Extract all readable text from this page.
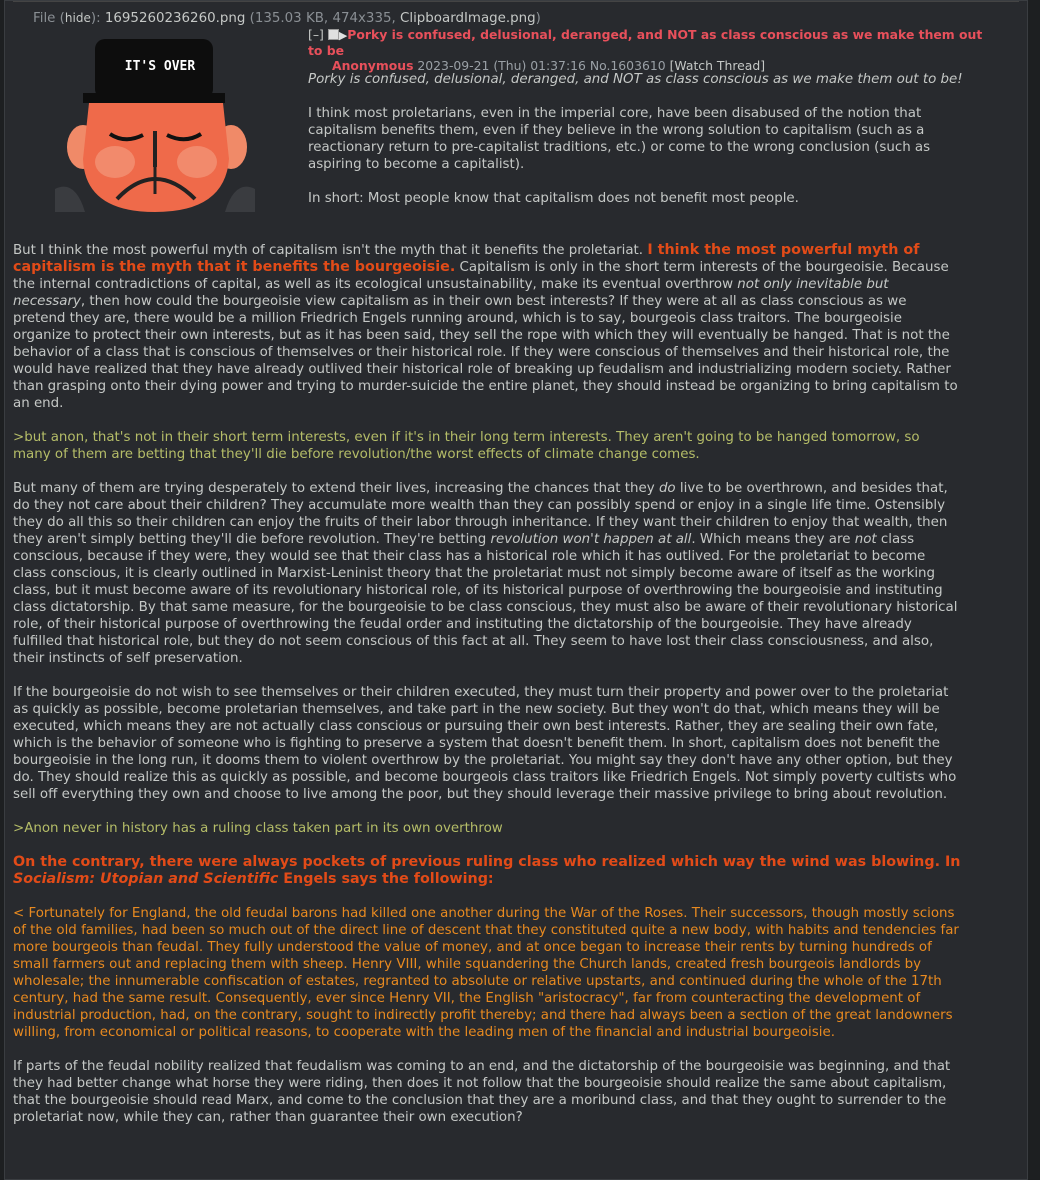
File (hide): 1695260236260.png (135.03 KB, 474x335, ClipboardImage.png)
IT'S OVER
[–] ▶Porky is confused, delusional, deranged, and NOT as class conscious as we make them out to be
Anonymous 2023-09-21 (Thu) 01:37:16 No.1603610 [Watch Thread]

Porky is confused, delusional, deranged, and NOT as class conscious as we make them out to be!

I think most proletarians, even in the imperial core, have been disabused of the notion that capitalism benefits them, even if they believe in the wrong solution to capitalism (such as a reactionary return to pre-capitalist traditions, etc.) or come to the wrong conclusion (such as aspiring to become a capitalist).

In short: Most people know that capitalism does not benefit most people.

But I think the most powerful myth of capitalism isn't the myth that it benefits the proletariat. I think the most powerful myth of capitalism is the myth that it benefits the bourgeoisie. Capitalism is only in the short term interests of the bourgeoisie. Because the internal contradictions of capital, as well as its ecological unsustainability, make its eventual overthrow not only inevitable but necessary, then how could the bourgeoisie view capitalism as in their own best interests? If they were at all as class conscious as we pretend they are, there would be a million Friedrich Engels running around, which is to say, bourgeois class traitors. The bourgeoisie organize to protect their own interests, but as it has been said, they sell the rope with which they will eventually be hanged. That is not the behavior of a class that is conscious of themselves or their historical role. If they were conscious of themselves and their historical role, the would have realized that they have already outlived their historical role of breaking up feudalism and industrializing modern society. Rather than grasping onto their dying power and trying to murder-suicide the entire planet, they should instead be organizing to bring capitalism to an end.

>but anon, that's not in their short term interests, even if it's in their long term interests. They aren't going to be hanged tomorrow, so many of them are betting that they'll die before revolution/the worst effects of climate change comes.

But many of them are trying desperately to extend their lives, increasing the chances that they do live to be overthrown, and besides that, do they not care about their children? They accumulate more wealth than they can possibly spend or enjoy in a single life time. Ostensibly they do all this so their children can enjoy the fruits of their labor through inheritance. If they want their children to enjoy that wealth, then they aren't simply betting they'll die before revolution. They're betting revolution won't happen at all. Which means they are not class conscious, because if they were, they would see that their class has a historical role which it has outlived. For the proletariat to become class conscious, it is clearly outlined in Marxist-Leninist theory that the proletariat must not simply become aware of itself as the working class, but it must become aware of its revolutionary historical role, of its historical purpose of overthrowing the bourgeoisie and instituting class dictatorship. By that same measure, for the bourgeoisie to be class conscious, they must also be aware of their revolutionary historical role, of their historical purpose of overthrowing the feudal order and instituting the dictatorship of the bourgeoisie. They have already fulfilled that historical role, but they do not seem conscious of this fact at all. They seem to have lost their class consciousness, and also, their instincts of self preservation.

If the bourgeoisie do not wish to see themselves or their children executed, they must turn their property and power over to the proletariat as quickly as possible, become proletarian themselves, and take part in the new society. But they won't do that, which means they will be executed, which means they are not actually class conscious or pursuing their own best interests. Rather, they are sealing their own fate, which is the behavior of someone who is fighting to preserve a system that doesn't benefit them. In short, capitalism does not benefit the bourgeoisie in the long run, it dooms them to violent overthrow by the proletariat. You might say they don't have any other option, but they do. They should realize this as quickly as possible, and become bourgeois class traitors like Friedrich Engels. Not simply poverty cultists who sell off everything they own and choose to live among the poor, but they should leverage their massive privilege to bring about revolution.

>Anon never in history has a ruling class taken part in its own overthrow

On the contrary, there were always pockets of previous ruling class who realized which way the wind was blowing. In Socialism: Utopian and Scientific Engels says the following:

< Fortunately for England, the old feudal barons had killed one another during the War of the Roses. Their successors, though mostly scions of the old families, had been so much out of the direct line of descent that they constituted quite a new body, with habits and tendencies far more bourgeois than feudal. They fully understood the value of money, and at once began to increase their rents by turning hundreds of small farmers out and replacing them with sheep. Henry VIII, while squandering the Church lands, created fresh bourgeois landlords by wholesale; the innumerable confiscation of estates, regranted to absolute or relative upstarts, and continued during the whole of the 17th century, had the same result. Consequently, ever since Henry VII, the English "aristocracy", far from counteracting the development of industrial production, had, on the contrary, sought to indirectly profit thereby; and there had always been a section of the great landowners willing, from economical or political reasons, to cooperate with the leading men of the financial and industrial bourgeoisie.

If parts of the feudal nobility realized that feudalism was coming to an end, and the dictatorship of the bourgeoisie was beginning, and that they had better change what horse they were riding, then does it not follow that the bourgeoisie should realize the same about capitalism, that the bourgeoisie should read Marx, and come to the conclusion that they are a moribund class, and that they ought to surrender to the proletariat now, while they can, rather than guarantee their own execution?
